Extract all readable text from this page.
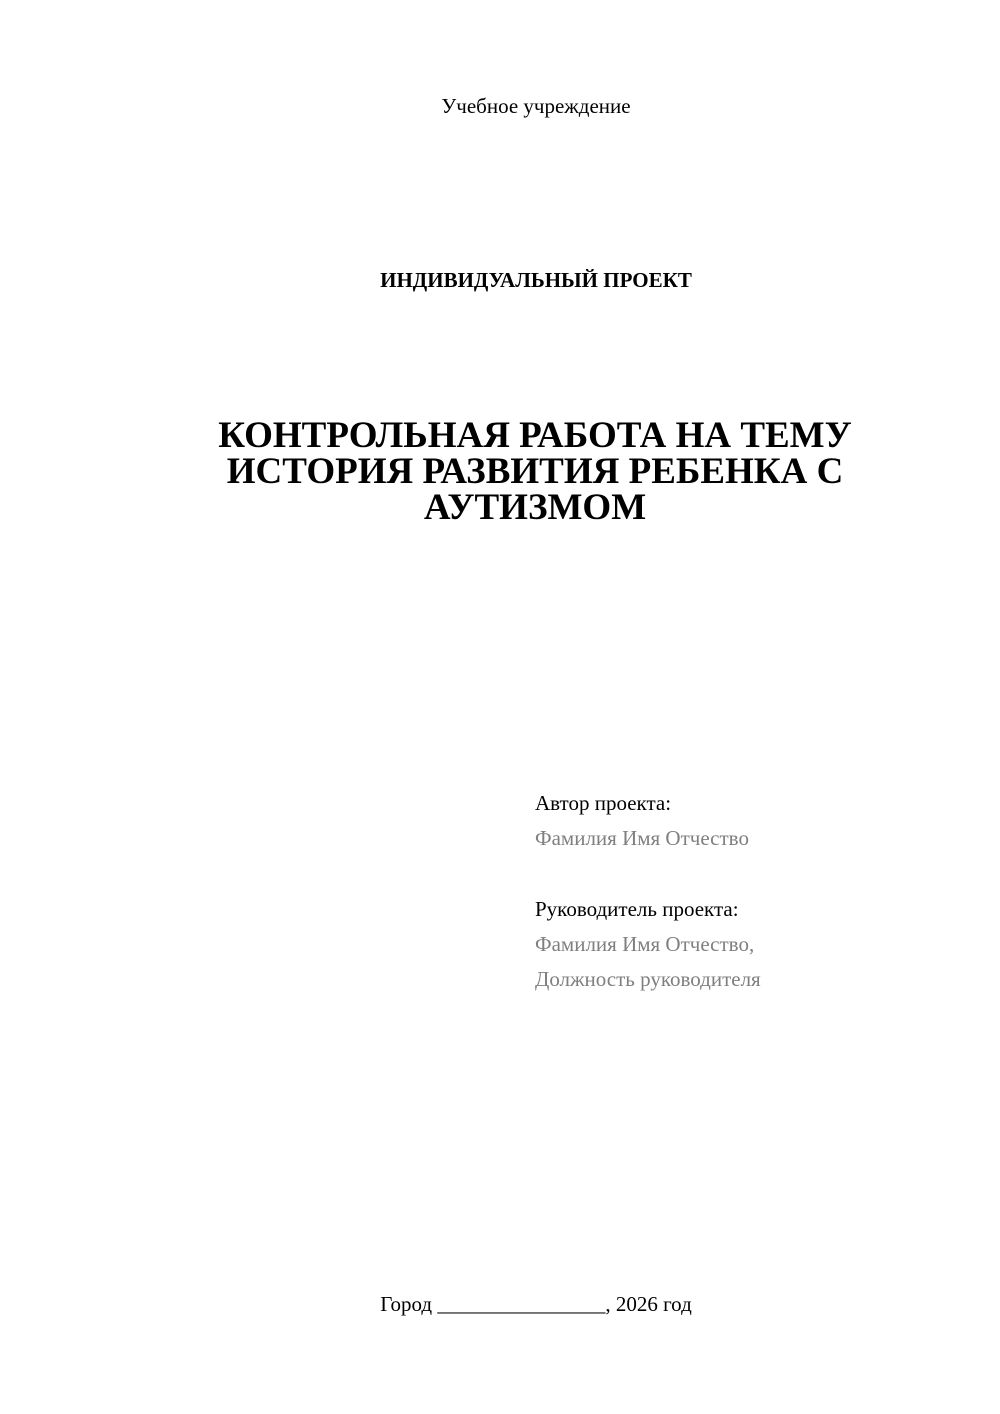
Учебное учреждение
ИНДИВИДУАЛЬНЫЙ ПРОЕКТ
КОНТРОЛЬНАЯ РАБОТА НА ТЕМУ
ИСТОРИЯ РАЗВИТИЯ РЕБЕНКА С
АУТИЗМОМ
Автор проекта:
Фамилия Имя Отчество
Руководитель проекта:
Фамилия Имя Отчество,
Должность руководителя
Город ________________, 2026 год
